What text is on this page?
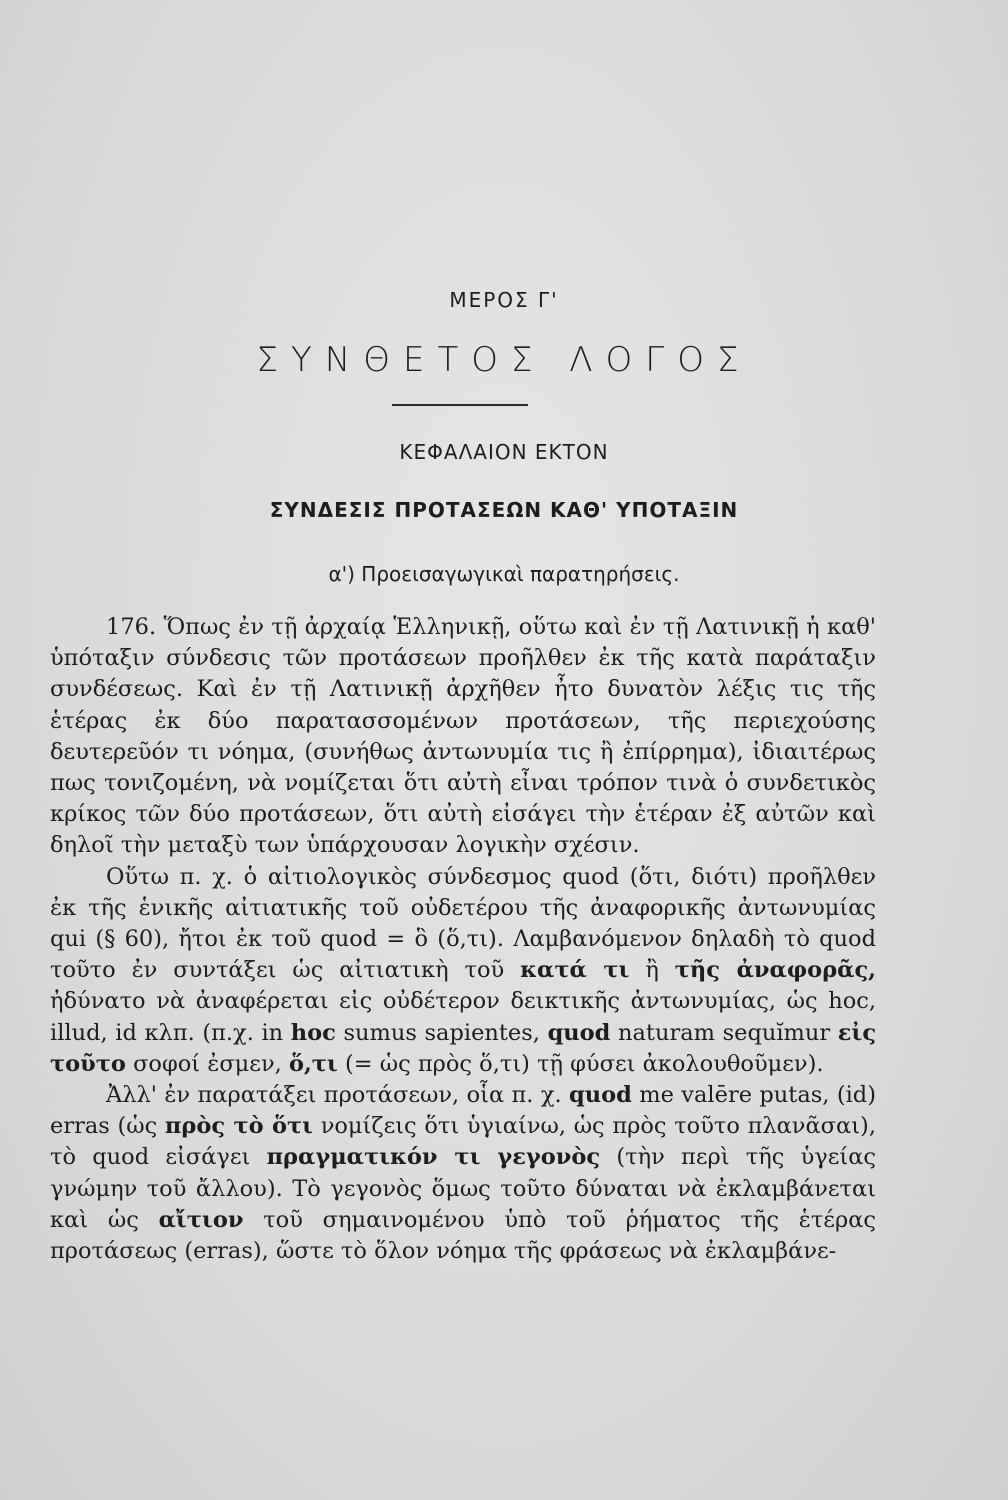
ΜΕΡΟΣ Γ'
ΣΥΝΘΕΤΟΣ ΛΟΓΟΣ
ΚΕΦΑΛΑΙΟΝ ΕΚΤΟΝ
ΣΥΝΔΕΣΙΣ ΠΡΟΤΑΣΕΩΝ ΚΑΘ' ΥΠΟΤΑΞΙΝ
α') Προεισαγωγικαὶ παρατηρήσεις.

176. Ὅπως ἐν τῇ ἀρχαίᾳ Ἑλληνικῇ, οὕτω καὶ ἐν τῇ Λατινικῇ ἡ καθ' ὑπόταξιν σύνδεσις τῶν προτάσεων προῆλθεν ἐκ τῆς κατὰ παράταξιν συνδέσεως. Καὶ ἐν τῇ Λατινικῇ ἀρχῆθεν ἦτο δυνατὸν λέξις τις τῆς ἑτέρας ἐκ δύο παρατασσομένων προτάσεων, τῆς περιεχούσης δευτερεῦόν τι νόημα, (συνήθως ἀντωνυμία τις ἢ ἐπίρρημα), ἰδιαιτέρως πως τονιζομένη, νὰ νομίζεται ὅτι αὐτὴ εἶναι τρόπον τινὰ ὁ συνδετικὸς κρίκος τῶν δύο προτάσεων, ὅτι αὐτὴ εἰσάγει τὴν ἑτέραν ἐξ αὐτῶν καὶ δηλοῖ τὴν μεταξὺ των ὑπάρχουσαν λογικὴν σχέσιν.

Οὕτω π. χ. ὁ αἰτιολογικὸς σύνδεσμος quod (ὅτι, διότι) προῆλθεν ἐκ τῆς ἑνικῆς αἰτιατικῆς τοῦ οὐδετέρου τῆς ἀναφορικῆς ἀντωνυμίας qui (§ 60), ἤτοι ἐκ τοῦ quod = ὃ (ὅ,τι). Λαμβανόμενον δηλαδὴ τὸ quod τοῦτο ἐν συντάξει ὡς αἰτιατικὴ τοῦ κατά τι ἢ τῆς ἀναφορᾶς, ἠδύνατο νὰ ἀναφέρεται εἰς οὐδέτερον δεικτικῆς ἀντωνυμίας, ὡς hoc, illud, id κλπ. (π.χ. in hoc sumus sapientes, quod naturam sequĭmur εἰς τοῦτο σοφοί ἐσμεν, ὅ,τι (= ὡς πρὸς ὅ,τι) τῇ φύσει ἀκολουθοῦμεν).

Ἀλλ' ἐν παρατάξει προτάσεων, οἷα π. χ. quod me valēre putas, (id) erras (ὡς πρὸς τὸ ὅτι νομίζεις ὅτι ὑγιαίνω, ὡς πρὸς τοῦτο πλανᾶσαι), τὸ quod εἰσάγει πραγματικόν τι γεγονὸς (τὴν περὶ τῆς ὑγείας γνώμην τοῦ ἄλλου). Τὸ γεγονὸς ὅμως τοῦτο δύναται νὰ ἐκλαμβάνεται καὶ ὡς αἴτιον τοῦ σημαινομένου ὑπὸ τοῦ ῥήματος τῆς ἑτέρας προτάσεως (erras), ὥστε τὸ ὅλον νόημα τῆς φράσεως νὰ ἐκλαμβάνε-
